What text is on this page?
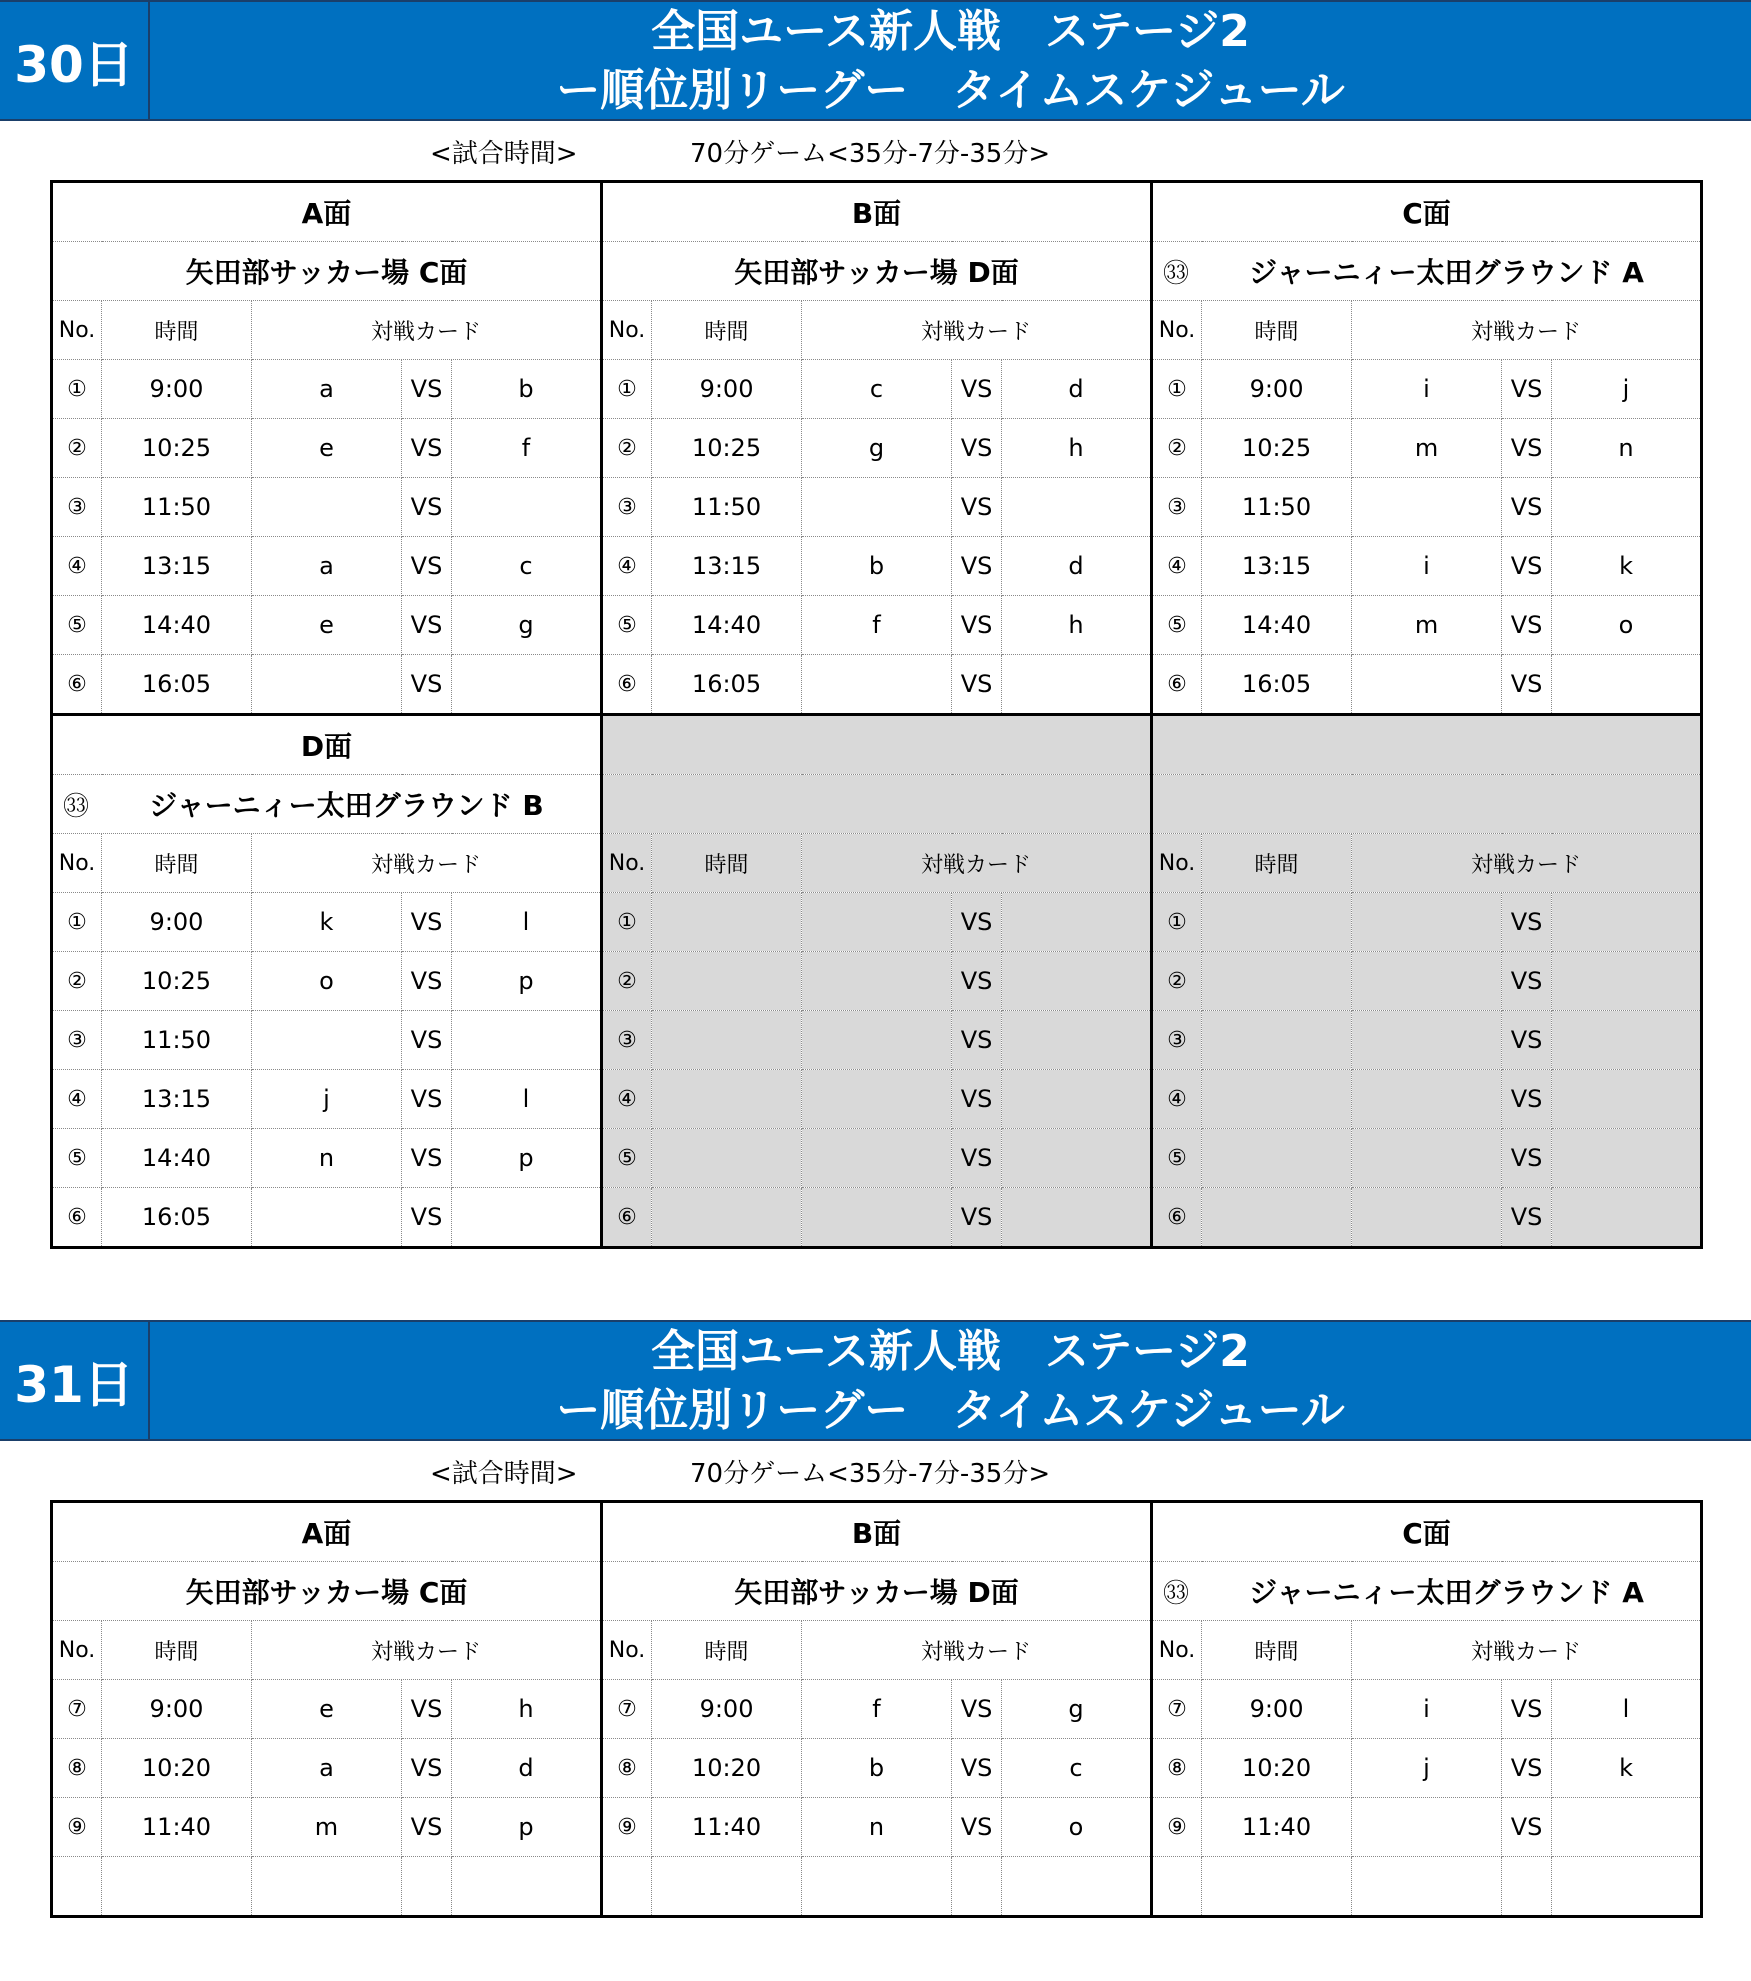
30日
全国ユース新人戦　ステージ2
ー順位別リーグー　タイムスケジュール
<試合時間>	70分ゲーム<35分-7分-35分>
A面					B面					C面				

矢田部サッカー場 C面					矢田部サッカー場 D面					㉝ ジャーニィー太田グラウンド A				

No.	時間	対戦カード			No.	時間	対戦カード			No.	時間	対戦カード		
①	9:00	a	VS	b	①	9:00	c	VS	d	①	9:00	i	VS	j
②	10:25	e	VS	f	②	10:25	g	VS	h	②	10:25	m	VS	n
③	11:50		VS		③	11:50		VS		③	11:50		VS	
④	13:15	a	VS	c	④	13:15	b	VS	d	④	13:15	i	VS	k
⑤	14:40	e	VS	g	⑤	14:40	f	VS	h	⑤	14:40	m	VS	o
⑥	16:05		VS		⑥	16:05		VS		⑥	16:05		VS	
D面														

㉝ ジャーニィー太田グラウンド B														

No.	時間	対戦カード			No.	時間	対戦カード			No.	時間	対戦カード		
①	9:00	k	VS	l	①			VS		①			VS	
②	10:25	o	VS	p	②			VS		②			VS	
③	11:50		VS		③			VS		③			VS	
④	13:15	j	VS	l	④			VS		④			VS	
⑤	14:40	n	VS	p	⑤			VS		⑤			VS	
⑥	16:05		VS		⑥			VS		⑥			VS	
31日
全国ユース新人戦　ステージ2
ー順位別リーグー　タイムスケジュール
<試合時間>	70分ゲーム<35分-7分-35分>
A面					B面					C面				

矢田部サッカー場 C面					矢田部サッカー場 D面					㉝ ジャーニィー太田グラウンド A				

No.	時間	対戦カード			No.	時間	対戦カード			No.	時間	対戦カード		
⑦	9:00	e	VS	h	⑦	9:00	f	VS	g	⑦	9:00	i	VS	l
⑧	10:20	a	VS	d	⑧	10:20	b	VS	c	⑧	10:20	j	VS	k
⑨	11:40	m	VS	p	⑨	11:40	n	VS	o	⑨	11:40		VS	
